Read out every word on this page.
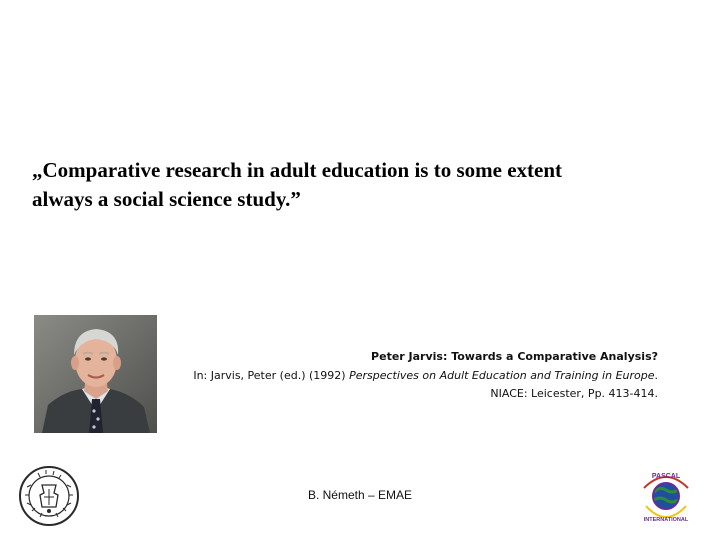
„Comparative research in adult education is to some extent
always a social science study.”
Peter Jarvis: Towards a Comparative Analysis?
In: Jarvis, Peter (ed.) (1992) Perspectives on Adult Education and Training in Europe.
NIACE: Leicester, Pp. 413-414.
B. Németh – EMAE
PASCAL
INTERNATIONAL
